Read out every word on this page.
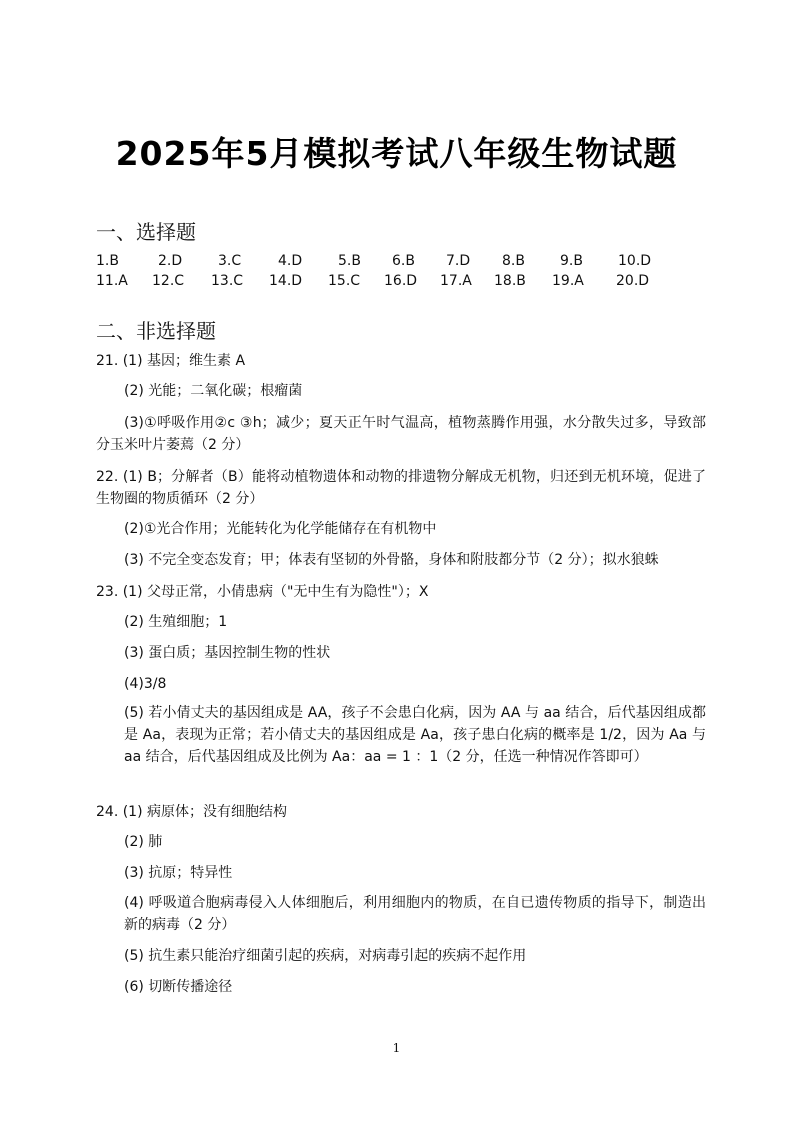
2025年5月模拟考试八年级生物试题
一、选择题
1.B	2.D	3.C	4.D	5.B 6.B 7.D 8.B	9.B	10.D
11.A 12.C 13.C 14.D 15.C 16.D 17.A 18.B 19.A 20.D
二、非选择题
21. (1) 基因；维生素 A
(2) 光能；二氧化碳；根瘤菌
(3)①呼吸作用②c ③h；减少；夏天正午时气温高，植物蒸腾作用强，水分散失过多，导致部分玉米叶片萎蔫（2 分）
22. (1) B；分解者（B）能将动植物遗体和动物的排遗物分解成无机物，归还到无机环境，促进了生物圈的物质循环（2 分）
(2)①光合作用；光能转化为化学能储存在有机物中
(3) 不完全变态发育；甲；体表有坚韧的外骨骼，身体和附肢都分节（2 分）；拟水狼蛛
23. (1) 父母正常，小倩患病（"无中生有为隐性"）；X
(2) 生殖细胞；1
(3) 蛋白质；基因控制生物的性状
(4)3/8
(5) 若小倩丈夫的基因组成是 AA，孩子不会患白化病，因为 AA 与 aa 结合，后代基因组成都是 Aa，表现为正常；若小倩丈夫的基因组成是 Aa，孩子患白化病的概率是 1/2，因为 Aa 与 aa 结合，后代基因组成及比例为 Aa：aa = 1 ：1（2 分，任选一种情况作答即可）
24. (1) 病原体；没有细胞结构
(2) 肺
(3) 抗原；特异性
(4) 呼吸道合胞病毒侵入人体细胞后，利用细胞内的物质，在自已遗传物质的指导下，制造出新的病毒（2 分）
(5) 抗生素只能治疗细菌引起的疾病，对病毒引起的疾病不起作用
(6) 切断传播途径
1
